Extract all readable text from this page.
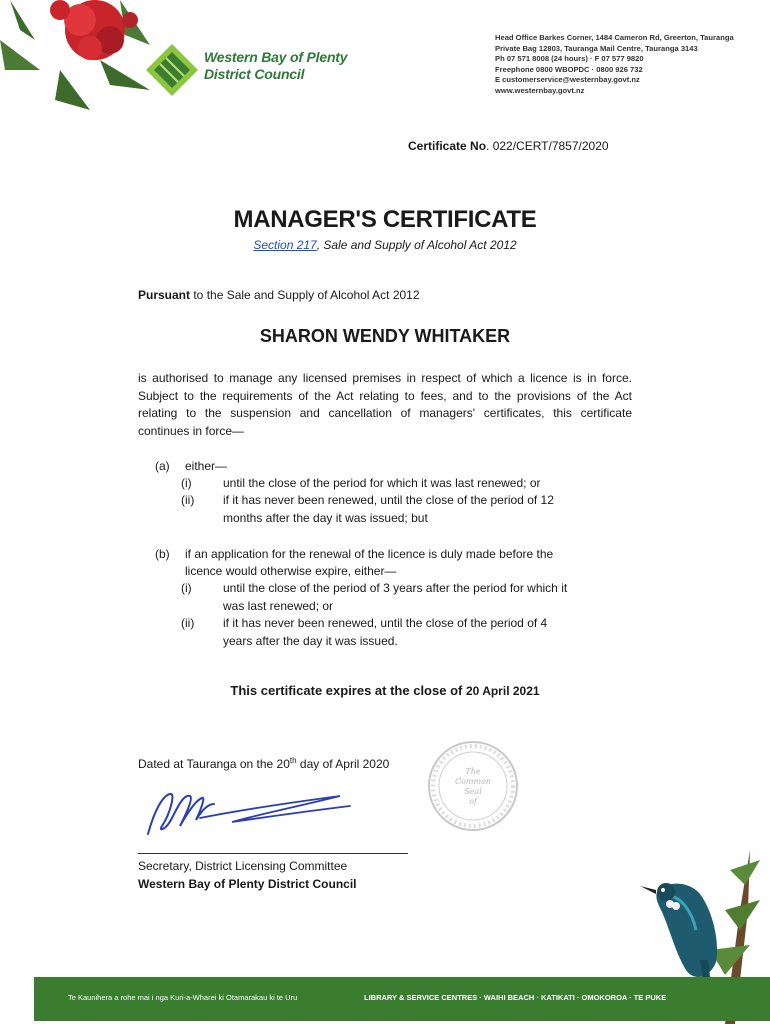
Western Bay of Plenty
District Council
Head Office Barkes Corner, 1484 Cameron Rd, Greerton, Tauranga
Private Bag 12803, Tauranga Mail Centre, Tauranga 3143
Ph 07 571 8008 (24 hours) · F 07 577 9820
Freephone 0800 WBOPDC · 0800 926 732
E customerservice@westernbay.govt.nz
www.westernbay.govt.nz
Certificate No. 022/CERT/7857/2020
MANAGER'S CERTIFICATE
Section 217, Sale and Supply of Alcohol Act 2012
Pursuant to the Sale and Supply of Alcohol Act 2012
SHARON WENDY WHITAKER
is authorised to manage any licensed premises in respect of which a licence is in force. Subject to the requirements of the Act relating to fees, and to the provisions of the Act relating to the suspension and cancellation of managers' certificates, this certificate continues in force—
(a) either—
(i)	until the close of the period for which it was last renewed; or
(ii) if it has never been renewed, until the close of the period of 12
months after the day it was issued; but
(b) if an application for the renewal of the licence is duly made before the
licence would otherwise expire, either—
(i)	until the close of the period of 3 years after the period for which it
was last renewed; or
(ii) if it has never been renewed, until the close of the period of 4
years after the day it was issued.
This certificate expires at the close of 20 April 2021
Dated at Tauranga on the 20th day of April 2020
The
Common
Seal
of
Secretary, District Licensing Committee
Western Bay of Plenty District Council
Te Kaunihera a rohe mai i nga Kuri-a-Wharei ki Otamarakau ki te Uru	LIBRARY & SERVICE CENTRES · WAIHI BEACH · KATIKATI · OMOKOROA · TE PUKE
